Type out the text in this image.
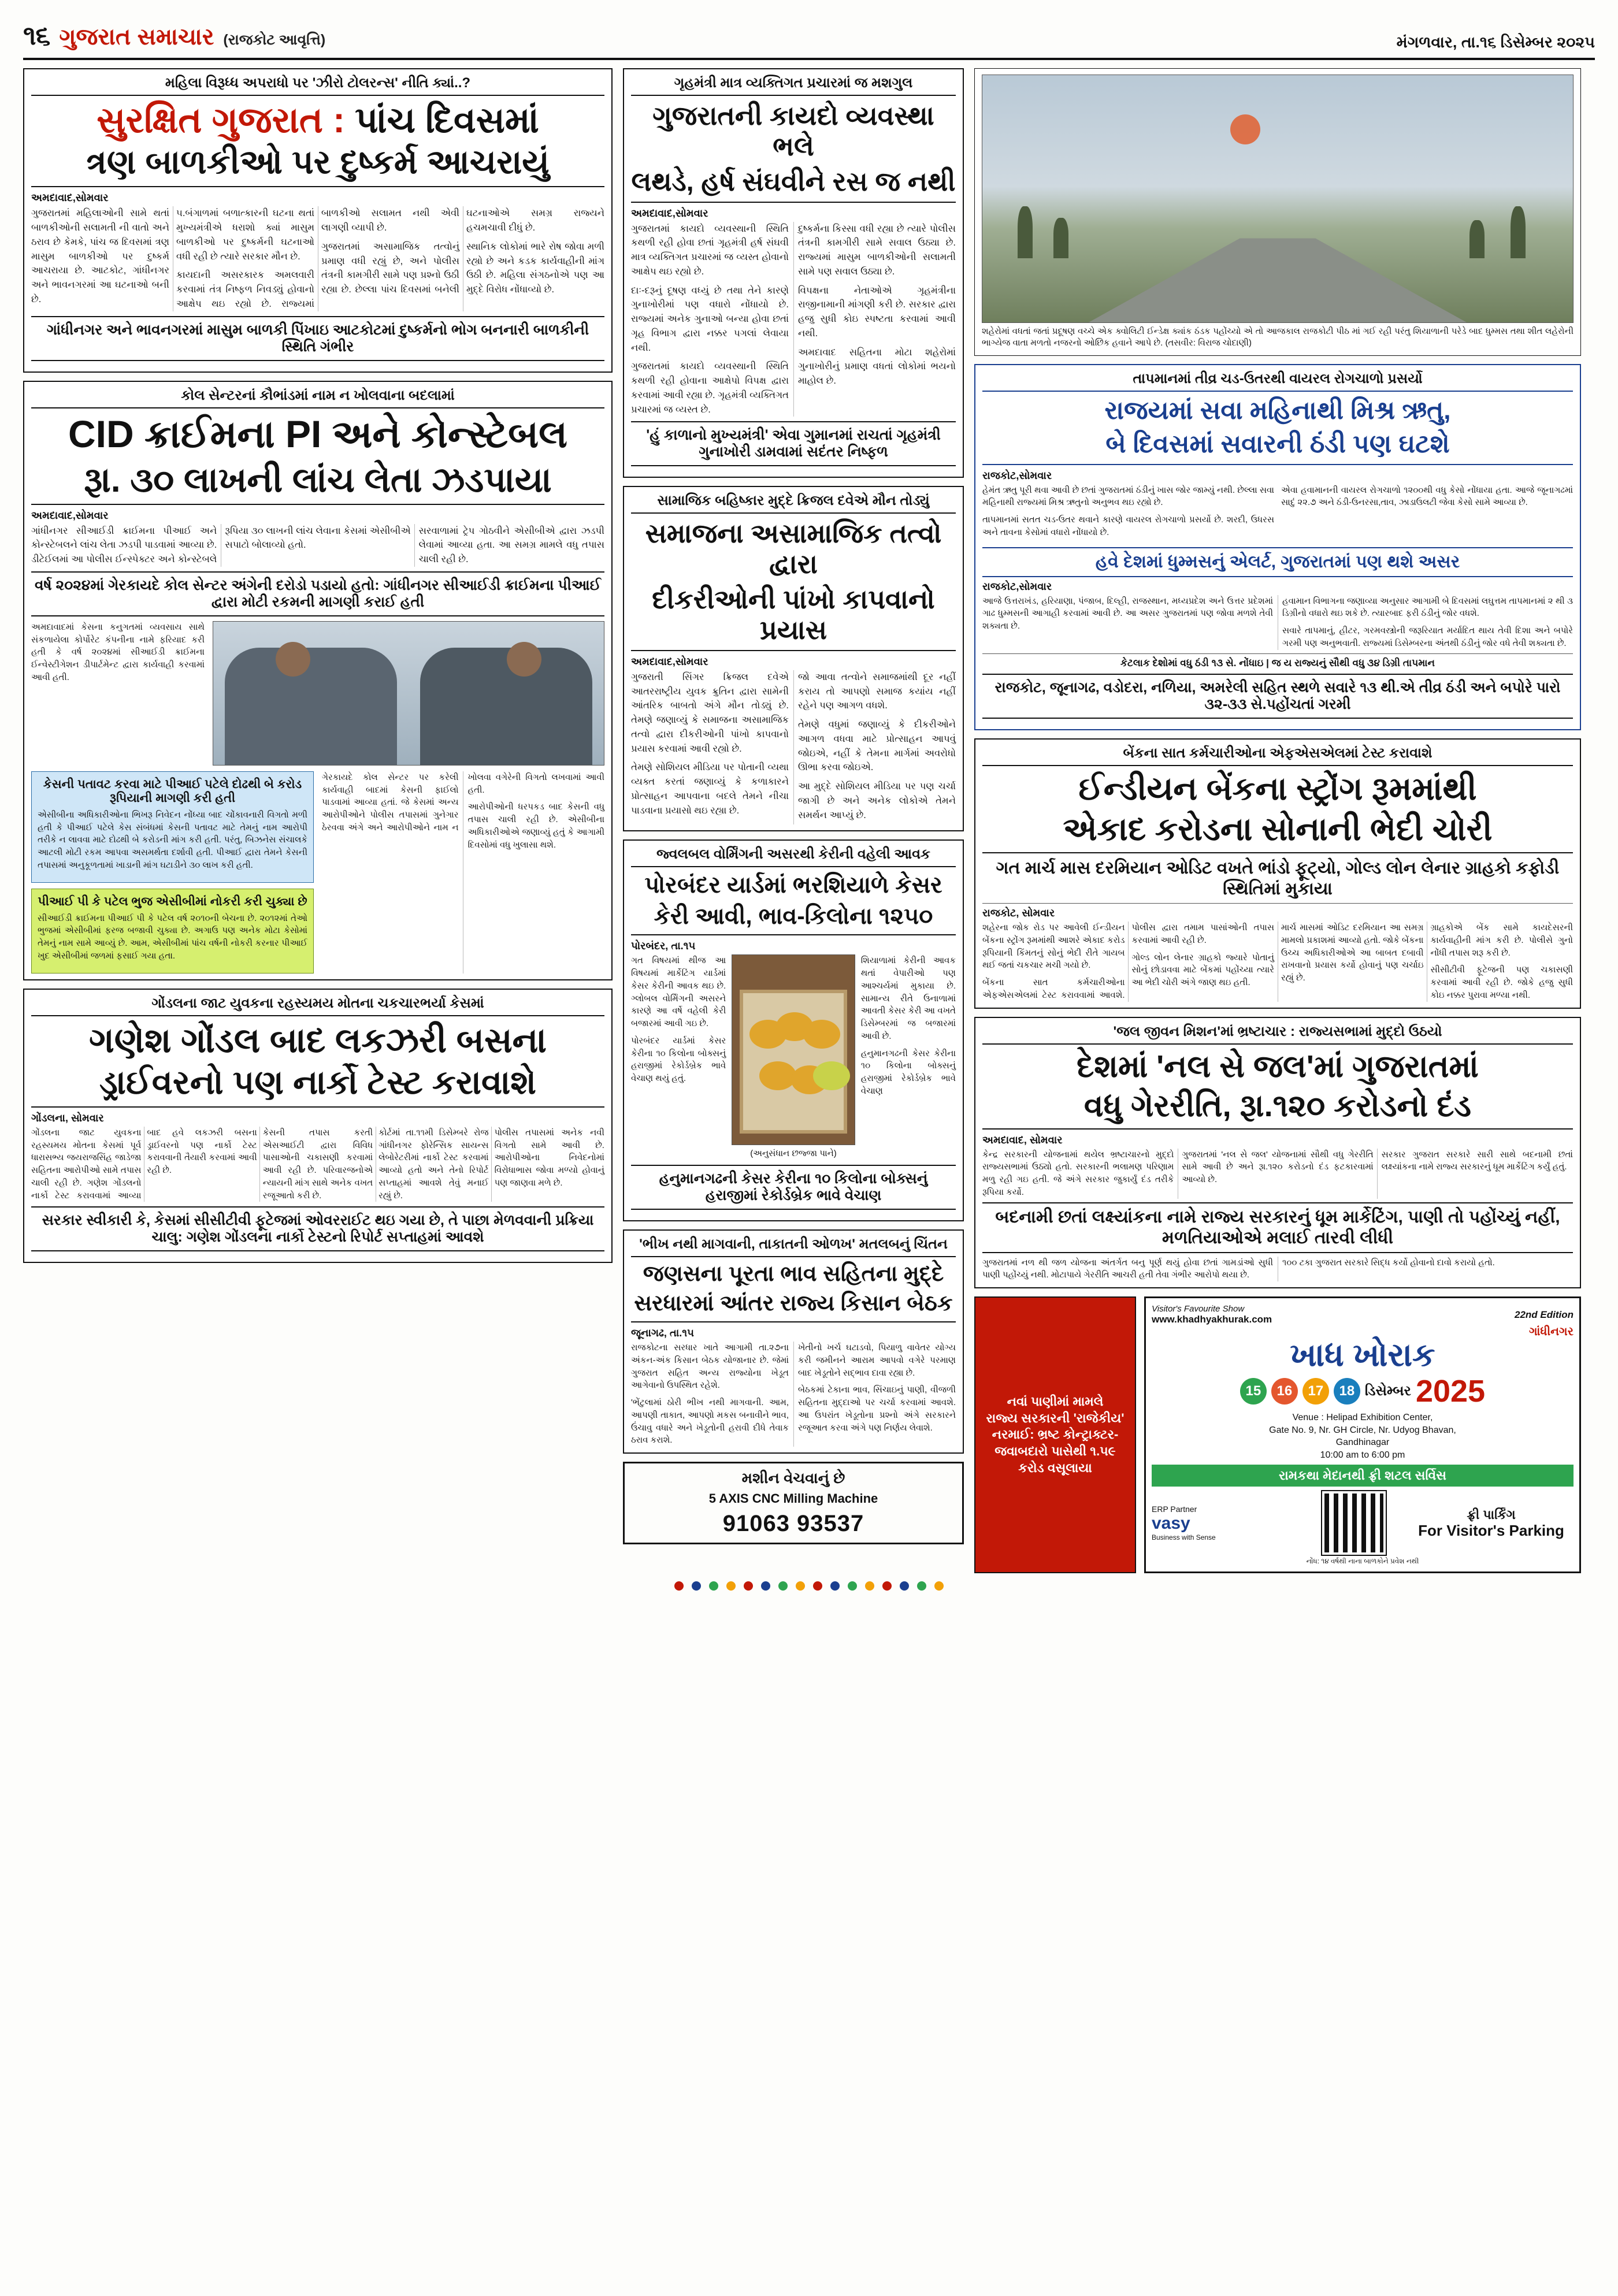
૧૬ ગુજરાત સમાચાર (રાજકોટ આવૃત્તિ)	મંગળવાર, તા.૧૬ ડિસેમ્બર ૨૦૨૫
મહિલા વિરૂધ્ધ અપરાધો પર 'ઝીરો ટોલરન્સ' નીતિ ક્યાં..?
સુરક્ષિત ગુજરાત : પાંચ દિવસમાં
ત્રણ બાળકીઓ પર દુષ્કર્મ આચરાયું
અમદાવાદ,સોમવાર

ગુજરાતમાં મહિલાઓની સામે થતાં બાળકીઓની સલામતી ની વાતો અને ઠરાવ છે કેમકે, પાંચ જ દિવસમાં ત્રણ માસુમ બાળકીઓ પર દુષ્કર્મ આચરાયા છે. આટકોટ, ગાંધીનગર અને ભાવનગરમાં આ ઘટનાઓ બની છે.

૫.બંગાળમાં બળાત્કારની ઘટના થતાં મુખ્યમંત્રીએ ધરાશો ક્યાં માસુમ બાળકીઓ પર દુષ્કર્મની ઘટનાઓ વધી રહી છે ત્યારે સરકાર મૌન છે.

કાયદાની અસરકારક અમલવારી કરવામાં તંત્ર નિષ્ફળ નિવડ્યું હોવાનો આક્ષેપ થઇ રહ્યો છે. રાજ્યમાં બાળકીઓ સલામત નથી એવી લાગણી વ્યાપી છે.

ગુજરાતમાં અસામાજિક તત્વોનું પ્રમાણ વધી રહ્યું છે, અને પોલીસ તંત્રની કામગીરી સામે પણ પ્રશ્નો ઉઠી રહ્યા છે. છેલ્લા પાંચ દિવસમાં બનેલી ઘટનાઓએ સમગ્ર રાજ્યને હચમચાવી દીધું છે.

સ્થાનિક લોકોમાં ભારે રોષ જોવા મળી રહ્યો છે અને કડક કાર્યવાહીની માંગ ઉઠી છે. મહિલા સંગઠનોએ પણ આ મુદ્દે વિરોધ નોંધાવ્યો છે.

ગાંધીનગર અને ભાવનગરમાં માસુમ બાળકી પિંખાઇ આટકોટમાં દુષ્કર્મનો ભોગ બનનારી બાળકીની સ્થિતિ ગંભીર
કોલ સેન્ટરનાં કૌભાંડમાં નામ ન ખોલવાના બદલામાં
CID ક્રાઈમના PI અને કોન્સ્ટેબલ
રૂા. ૩૦ લાખની લાંચ લેતા ઝડપાયા
અમદાવાદ,સોમવાર

ગાંધીનગર સીઆઈડી ક્રાઈમના પીઆઈ અને કોન્સ્ટેબલને લાંચ લેતા ઝડપી પાડવામાં આવ્યા છે. ડીટેઈલમાં આ પોલીસ ઈન્સ્પેક્ટર અને કોન્સ્ટેબલે રૂપિયા ૩૦ લાખની લાંચ લેવાના કેસમાં એસીબીએ સપાટો બોલાવ્યો હતો.

સરવાળામાં ટ્રેપ ગોઠવીને એસીબીએ દ્વારા ઝડપી લેવામાં આવ્યા હતા. આ સમગ્ર મામલે વધુ તપાસ ચાલી રહી છે.

વર્ષ ૨૦૨૪માં ગેરકાયદે કોલ સેન્ટર અંગેની દરોડો પડાયો હતો: ગાંધીનગર સીઆઈડી ક્રાઈમના પીઆઈ દ્વારા મોટી રકમની માગણી કરાઈ હતી

અમદાવાદમાં કેસના કનુગતમાં વ્યવસાય સાથે સંકળાયેલા કોર્પોરેટ કંપનીના નામે ફરિયાદ કરી હતી કે વર્ષ ૨૦૨૪માં સીઆઈડી ક્રાઈમના ઈન્વેસ્ટીગેશન ડીપાર્ટમેન્ટ દ્વારા કાર્યવાહી કરવામાં આવી હતી.

કેસની પતાવટ કરવા માટે પીઆઈ પટેલે દોઢથી બે કરોડ રૂપિયાની માગણી કરી હતી

એસીબીના અધિકારીઓના ભિખરૂ નિવેદન નોંધ્યા બાદ ચોંકાવનારી વિગતો મળી હતી કે પીઆઈ પટેલે કેસ સંબંધમાં કેસની પતાવટ માટે તેમનું નામ આરોપી તરીકે ન લાવવા માટે દોઢથી બે કરોડની માંગ કરી હતી. પરંતુ, બિઝનેસ સંચાલકે આટલી મોટી રકમ આપવા અસમર્થતા દર્શાવી હતી. પીઆઈ દ્વારા તેમને કેસની તપાસમાં અનુકૂળતામાં ખાડાની માંગ ઘટાડીને ૩૦ લાખ કરી હતી.

પીઆઈ પી કે પટેલ ભુજ એસીબીમાં નોકરી કરી ચુક્યા છે

સીઆઈડી ક્રાઈમના પીઆઈ પી કે પટેલ વર્ષ ૨૦૧૦ની બેચના છે. ૨૦૧૨માં તેઓ ભુજમાં એસીબીમાં ફરજ બજાવી ચુક્યા છે. અગાઉ પણ અનેક મોટા કેસોમાં તેમનું નામ સામે આવ્યું છે. આમ, એસીબીમાં પાંચ વર્ષની નોકરી કરનાર પીઆઈ ખુદ એસીબીમાં જળમાં ફસાઈ ગયા હતા.

ગેરકાયદે કોલ સેન્ટર પર કરેલી કાર્યવાહી બાદમાં કેસની ફાઈલો પાડવામાં આવ્યા હતાં. જે કેસમાં અન્ય આરોપીઓને પોલીસ તપાસમાં ગુનેગાર ઠેરવવા અંગે અને આરોપીઓને નામ ન ખોલવા વગેરેની વિગતો લખવામાં આવી હતી.

આરોપીઓની ધરપકડ બાદ કેસની વધુ તપાસ ચાલી રહી છે. એસીબીના અધિકારીઓએ જણાવ્યું હતું કે આગામી દિવસોમાં વધુ ખુલાસા થશે.

ગોંડલના જાટ યુવકના રહસ્યમય મોતના ચકચારભર્યા કેસમાં
ગણેશ ગોંડલ બાદ લકઝરી બસના
ડ્રાઈવરનો પણ નાર્કો ટેસ્ટ કરાવાશે
ગોંડલના, સોમવાર

ગોંડલના જાટ યુવકના રહસ્યમય મોતના કેસમાં પૂર્વ ધારાસભ્ય જયરાજસિંહ જાડેજા સહિતના આરોપીઓ સામે તપાસ ચાલી રહી છે. ગણેશ ગોંડલનો નાર્કો ટેસ્ટ કરાવવામાં આવ્યા બાદ હવે લકઝરી બસના ડ્રાઈવરનો પણ નાર્કો ટેસ્ટ કરાવવાની તૈયારી કરવામાં આવી રહી છે.

કેસની તપાસ કરતી એસઆઈટી દ્વારા વિવિધ પાસાઓની ચકાસણી કરવામાં આવી રહી છે. પરિવારજનોએ ન્યાયની માંગ સાથે અનેક વખત રજૂઆતો કરી છે.

કોર્ટમાં તા.૧૧મી ડિસેમ્બરે રોજ ગાંધીનગર ફોરેન્સિક સાયન્સ લેબોરેટરીમાં નાર્કો ટેસ્ટ કરવામાં આવ્યો હતો અને તેનો રિપોર્ટ સપ્તાહમાં આવશે તેવું મનાઈ રહ્યું છે.

પોલીસ તપાસમાં અનેક નવી વિગતો સામે આવી છે. આરોપીઓના નિવેદનોમાં વિરોધાભાસ જોવા મળ્યો હોવાનું પણ જાણવા મળે છે.

સરકાર સ્વીકારી કે, કેસમાં સીસીટીવી ફૂટેજમાં ઓવરરાઈટ થઇ ગયા છે, તે પાછા મેળવવાની પ્રક્રિયા ચાલુ: ગણેશ ગોંડલના નાર્કો ટેસ્ટનો રિપોર્ટ સપ્તાહમાં આવશે
ગૃહમંત્રી માત્ર વ્યક્તિગત પ્રચારમાં જ મશગુલ
ગુજરાતની કાયદો વ્યવસ્થા ભલે
લથડે, હર્ષ સંઘવીને રસ જ નથી
અમદાવાદ,સોમવાર

ગુજરાતમાં કાયદો વ્યવસ્થાની સ્થિતિ કથળી રહી હોવા છતાં ગૃહમંત્રી હર્ષ સંઘવી માત્ર વ્યક્તિગત પ્રચારમાં જ વ્યસ્ત હોવાનો આક્ષેપ થઇ રહ્યો છે.

દાઃ-દરૂનું દૂષણ વધ્યું છે તથા તેને કારણે ગુનાખોરીમાં પણ વધારો નોંધાયો છે. રાજ્યમાં અનેક ગુનાઓ બન્યા હોવા છતાં ગૃહ વિભાગ દ્વારા નક્કર પગલાં લેવાયા નથી.

ગુજરાતમાં કાયદો વ્યવસ્થાની સ્થિતિ કથળી રહી હોવાના આક્ષેપો વિપક્ષ દ્વારા કરવામાં આવી રહ્યા છે. ગૃહમંત્રી વ્યક્તિગત પ્રચારમાં જ વ્યસ્ત છે.

દુષ્કર્મના કિસ્સા વધી રહ્યા છે ત્યારે પોલીસ તંત્રની કામગીરી સામે સવાલ ઉઠ્યા છે. રાજ્યમાં માસુમ બાળકીઓની સલામતી સામે પણ સવાલ ઉઠ્યા છે.

વિપક્ષના નેતાઓએ ગૃહમંત્રીના રાજીનામાની માંગણી કરી છે. સરકાર દ્વારા હજુ સુધી કોઇ સ્પષ્ટતા કરવામાં આવી નથી.

અમદાવાદ સહિતના મોટા શહેરોમાં ગુનાખોરીનું પ્રમાણ વધતાં લોકોમાં ભયનો માહોલ છે.

'હું કાળાનો મુખ્યમંત્રી' એવા ગુમાનમાં રાચતાં ગૃહમંત્રી ગુનાખોરી ડામવામાં સદંતર નિષ્ફળ
સામાજિક બહિષ્કાર મુદ્દે ક્રિજલ દવેએ મૌન તોડ્યું
સમાજના અસામાજિક તત્વો દ્વારા
દીકરીઓની પાંખો કાપવાનો પ્રયાસ
અમદાવાદ,સોમવાર

ગુજરાતી સિંગર ક્રિજલ દવેએ આતરરાષ્ટ્રીય યુવક ક્રુતિન દ્વારા સામેની આંતરિક બાબતો અંગે મૌન તોડ્યું છે. તેમણે જણાવ્યું કે સમાજના અસામાજિક તત્વો દ્વારા દીકરીઓની પાંખો કાપવાનો પ્રયાસ કરવામાં આવી રહ્યો છે.

તેમણે સોશિયલ મીડિયા પર પોતાની વ્યથા વ્યક્ત કરતાં જણાવ્યું કે કળાકારને પ્રોત્સાહન આપવાના બદલે તેમને નીચા પાડવાના પ્રયાસો થઇ રહ્યા છે.

જો આવા તત્વોને સમાજમાંથી દૂર નહીં કરાય તો આપણો સમાજ કયાંય નહીં રહેને પણ આગળ વધશે.

તેમણે વધુમાં જણાવ્યું કે દીકરીઓને આગળ વધવા માટે પ્રોત્સાહન આપવું જોઇએ, નહીં કે તેમના માર્ગમાં અવરોધો ઊભા કરવા જોઇએ.

આ મુદ્દે સોશિયલ મીડિયા પર પણ ચર્ચા જાગી છે અને અનેક લોકોએ તેમને સમર્થન આપ્યું છે.

જ્વલબલ વોર્મિંગની અસરથી કેરીની વહેલી આવક
પોરબંદર યાર્ડમાં ભરશિયાળે કેસર
કેરી આવી, ભાવ-કિલોના ૧૨૫૦
પોરબંદર, તા.૧૫

ગત વિષયમાં થીજ આ વિષયમાં માર્કેટિંગ યાર્ડમાં કેસર કેરીની આવક થઇ છે. ગ્લોબલ વોર્મિંગની અસરને કારણે આ વર્ષે વહેલી કેરી બજારમાં આવી ગઇ છે.

પોરબંદર યાર્ડમાં કેસર કેરીના ૧૦ કિલોના બોક્સનું હરાજીમાં રેકોર્ડબ્રેક ભાવે વેચાણ થયું હતું.

(અનુસંધાન છજ્જા પાને)

શિયાળામાં કેરીની આવક થતાં વેપારીઓ પણ આશ્ચર્યમાં મુકાયા છે. સામાન્ય રીતે ઉનાળામાં આવતી કેસર કેરી આ વખતે ડિસેમ્બરમાં જ બજારમાં આવી છે.

હનુમાનગઢની કેસર કેરીના ૧૦ કિલોના બોક્સનું હરાજીમાં રેકોર્ડબ્રેક ભાવે વેચાણ

હનુમાનગઢની કેસર કેરીના ૧૦ કિલોના બોક્સનું હરાજીમાં રેકોર્ડબ્રેક ભાવે વેચાણ
'ભીખ નથી માગવાની, તાકાતની ઓળખ' મતલબનું ચિંતન
જણસના પૂરતા ભાવ સહિતના મુદ્દે
સરધારમાં આંતર રાજ્ય કિસાન બેઠક
જૂનાગઢ, તા.૧૫

રાજકોટના સરધાર ખાતે આગામી તા.૨૭ના અંકન-અંક કિસાન બેઠક યોજાનાર છે. જેમાં ગુજરાત સહિત અન્ય રાજ્યોના ખેડૂત આગેવાનો ઉપસ્થિત રહેશે.

'ભેંટુલામાં ઠોરી ભીખ નથી માગવાની. આમ, આપણી તાકાત, આપણો મકસ બનાવીને ભાવ, ઉંચાવુ વધારે અને ખેડૂતોની હરાવી દીધે તેવાક ઠરાવ કરાશે.

ખેતીનો ખર્ચ ઘટાડવો, પિયાળુ વાવેતર યોગ્ય કરી જમીનને આરામ આપવો વગેરે પરમાણ બાદ ખેડૂતોને સદ્ભાવ દાવા રહ્યા છે.

બેઠકમાં ટેકાના ભાવ, સિંચાઇનું પાણી, વીજળી સહિતના મુદ્દાઓ પર ચર્ચા કરવામાં આવશે. આ ઉપરાંત ખેડૂતોના પ્રશ્નો અંગે સરકારને રજૂઆત કરવા અંગે પણ નિર્ણય લેવાશે.

મશીન વેચવાનું છે
5 AXIS CNC Milling Machine
91063 93537
શહેરોમાં વધતાં જતાં પ્રદૂષણ વચ્ચે એક ક્વોલિટી ઈન્ડેક્ષ ક્યાંક ઠંડક પહોંચ્યો એ તો આજકાલ રાજકોટી પીઠ માં ગઈ રહી પરંતુ શિયાળાની પરેડે બાદ ધુમ્મસ તથા શીત લહેરોની ભાગ્યેજ વાતા મળતો નજરનો ઓછિક હવાને આપે છે. (તસવીર: વિરાજ ચોદાણી)
તાપમાનમાં તીવ્ર ચડ-ઉતરથી વાયરલ રોગચાળો પ્રસર્યો
રાજયમાં સવા મહિનાથી મિશ્ર ઋતુ,
બે દિવસમાં સવારની ઠંડી પણ ઘટશે
રાજકોટ,સોમવાર

હેમંત ઋતુ પૂરી થવા આવી છે છતાં ગુજરાતમાં ઠંડીનું ખાસ જોર જામ્યું નથી. છેલ્લા સવા મહિનાથી રાજ્યમાં મિશ્ર ઋતુનો અનુભવ થઇ રહ્યો છે.

તાપમાનમાં સતત ચડ-ઉતર થવાને કારણે વાયરલ રોગચાળો પ્રસર્યો છે. શરદી, ઉધરસ અને તાવના કેસોમાં વધારો નોંધાયો છે.

એવા હવામાનની વાયરલ રોગચાળો ૧૨૦૦થી વધુ કેસો નોંધાયા હતા. આજે જૂનાગઢમાં સાદું ૨૨.૭ અને ઠંડી-ઉનરસા,તાવ, ઝાડાઉલટી જેવા કેસો સામે આવ્યા છે.

હવે દેશમાં ધુમ્મસનું એલર્ટ, ગુજરાતમાં પણ થશે અસર
રાજકોટ,સોમવાર

આજે ઉત્તરાખંડ, હરિયાણા, પંજાબ, દિલ્હી, રાજસ્થાન, મધ્યપ્રદેશ અને ઉત્તર પ્રદેશમાં ગાઢ ધુમ્મસની આગાહી કરવામાં આવી છે. આ અસર ગુજરાતમાં પણ જોવા મળશે તેવી શક્યતા છે.

હવામાન વિભાગના જણાવ્યા અનુસાર આગામી બે દિવસમાં લઘુત્તમ તાપમાનમાં ૨ થી ૩ ડિગ્રીનો વધારો થઇ શકે છે. ત્યારબાદ ફરી ઠંડીનું જોર વધશે.

સવારે તાપમાનું, હીટર, ગરમવસ્ત્રોની જરૂરિયાત મર્યાદિત થાય તેવી દિશા અને બપોરે ગરમી પણ અનુભવાતી. રાજ્યમાં ડિસેમ્બરના અંતથી ઠંડીનું જોર વધે તેવી શક્યતા છે.

કેટલાક દેશોમાં વધુ ઠંડી ૧૩ સે. નોંધાઇ | જ ય રાજ્યનું સૌથી વધુ ૩૪ ડિગ્રી તાપમાન
રાજકોટ, જૂનાગઢ, વડોદરા, નળિયા, અમરેલી સહિત સ્થળે સવારે ૧૩ થી.એ તીવ્ર ઠંડી અને બપોરે પારો ૩૨-૩૩ સે.પહોંચતાં ગરમી
બેંકના સાત કર્મચારીઓના એફએસએલમાં ટેસ્ટ કરાવાશે
ઈન્ડીયન બેંકના સ્ટ્રોંગ રૂમમાંથી
એકાદ કરોડના સોનાની ભેદી ચોરી
ગત માર્ચ માસ દરમિયાન ઓડિટ વખતે ભાંડો ફૂટ્યો, ગોલ્ડ લોન લેનાર ગ્રાહકો કફોડી સ્થિતિમાં મુકાયા
રાજકોટ, સોમવાર

શહેરના જોક રોડ પર આવેલી ઈન્ડીયન બેંકના સ્ટ્રોંગ રૂમમાંથી આશરે એકાદ કરોડ રૂપિયાની કિંમતનું સોનું ભેદી રીતે ગાયબ થઈ જતાં ચકચાર મચી ગયો છે.

બેંકના સાત કર્મચારીઓના એફએસએલમાં ટેસ્ટ કરાવવામાં આવશે. પોલીસ દ્વારા તમામ પાસાંઓની તપાસ કરવામાં આવી રહી છે.

ગોલ્ડ લોન લેનાર ગ્રાહકો જ્યારે પોતાનું સોનું છોડાવવા માટે બેંકમાં પહોંચ્યા ત્યારે આ ભેદી ચોરી અંગે જાણ થઇ હતી.

માર્ચ માસમાં ઓડિટ દરમિયાન આ સમગ્ર મામલો પ્રકાશમાં આવ્યો હતો. જોકે બેંકના ઉચ્ચ અધિકારીઓએ આ બાબત દબાવી રાખવાનો પ્રયાસ કર્યો હોવાનું પણ ચર્ચાઇ રહ્યું છે.

ગ્રાહકોએ બેંક સામે કાયદેસરની કાર્યવાહીની માંગ કરી છે. પોલીસે ગુનો નોંધી તપાસ શરૂ કરી છે.

સીસીટીવી ફૂટેજની પણ ચકાસણી કરવામાં આવી રહી છે. જોકે હજુ સુધી કોઇ નક્કર પુરાવા મળ્યા નથી.

'જલ જીવન મિશન'માં ભ્રષ્ટાચાર : રાજ્યસભામાં મુદ્દો ઉઠયો
દેશમાં 'નલ સે જલ'માં ગુજરાતમાં
વધુ ગેરરીતિ, રૂા.૧૨૦ કરોડનો દંડ
અમદાવાદ, સોમવાર

કેન્દ્ર સરકારની યોજનામાં થયેલ ભ્રષ્ટાચારનો મુદ્દો રાજ્યસભામાં ઉઠ્યો હતો. સરકારની ભલામણ પરિણામ મળુ રહી ગઇ હતી. જે અંગે સરકાર જુકાર્યું દંડ તરીકે રૂપિયા કર્યો.

ગુજરાતમાં 'નલ સે જલ' યોજનામાં સૌથી વધુ ગેરરીતિ સામે આવી છે અને રૂા.૧૨૦ કરોડનો દંડ ફટકારવામાં આવ્યો છે.

સરકાર ગુજરાત સરકારે સારી સાથે બદનામી છતાં લક્ષ્યાંકના નામે રાજ્ય સરકારનું ધૂમ માર્કેટિંગ કર્યું હતું.

બદનામી છતાં લક્ષ્યાંકના નામે રાજ્ય સરકારનું ધૂમ માર્કેટિંગ, પાણી તો પહોંચ્યું નહીં, મળતિયાઓએ મલાઈ તારવી લીધી

ગુજરાતમાં નળ થી જળ યોજના અંતર્ગત બનુ પૂર્ણ થયું હોવા છતાં ગામડાંઓ સુધી પાણી પહોંચ્યું નથી. મોટાપાયે ગેરરીતિ આચરી હતી તેવા ગંભીર આરોપો થયા છે.

૧૦૦ ટકા ગુજરાત સરકારે સિદ્ધ કર્યો હોવાનો દાવો કરાયો હતો.

નવાં પાણીમાં મામલે
રાજ્ય સરકારની 'રાજેકીય'
નરમાઈ: ભ્રષ્ટ કોન્ટ્રાક્ટર-
જવાબદારો પાસેથી ૧.૫૯
કરોડ વસૂલાયા
Visitor's Favourite Show
www.khadhyakhurak.com	22nd Edition
ગાંધીનગર
ખાધ ખોરાક
15	16	17	18 ડિસેમ્બર 2025
Venue : Helipad Exhibition Center,
Gate No. 9, Nr. GH Circle, Nr. Udyog Bhavan,
Gandhinagar
10:00 am to 6:00 pm
રામકથા મેદાનથી ફ્રી શટલ સર્વિસ
ERP Partner
vasy
Business with Sense
ફ્રી પાર્કિંગ
For Visitor's Parking
નોંધ: ૧૪ વર્ષથી નાના બાળકોને પ્રવેશ નથી
